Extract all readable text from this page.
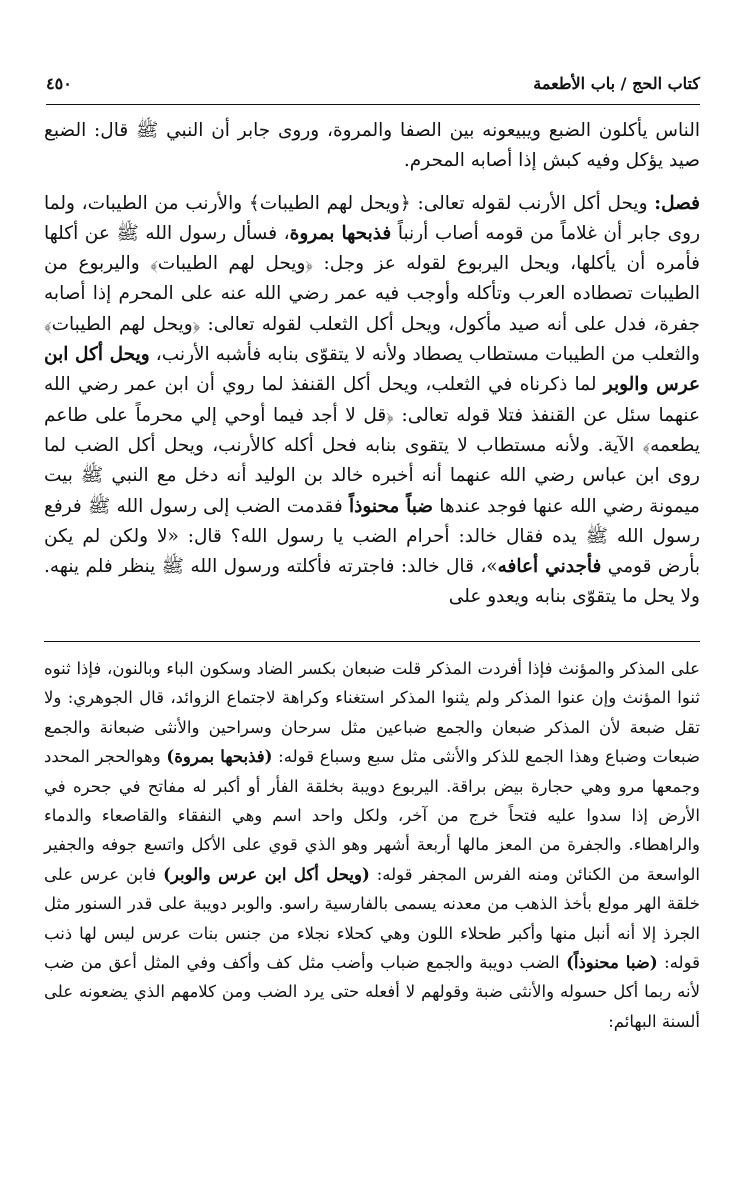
كتاب الحج / باب الأطعمة
٤٥٠

الناس يأكلون الضبع ويبيعونه بين الصفا والمروة، وروى جابر أن النبي ﷺ قال: الضبع صيد يؤكل وفيه كبش إذا أصابه المحرم.

فصل: ويحل أكل الأرنب لقوله تعالى: ﴿ويحل لهم الطيبات﴾ والأرنب من الطيبات، ولما روى جابر أن غلاماً من قومه أصاب أرنباً فذبحها بمروة، فسأل رسول الله ﷺ عن أكلها فأمره أن يأكلها، ويحل اليربوع لقوله عز وجل: ﴿ويحل لهم الطيبات﴾ واليربوع من الطيبات تصطاده العرب وتأكله وأوجب فيه عمر رضي الله عنه على المحرم إذا أصابه جفرة، فدل على أنه صيد مأكول، ويحل أكل الثعلب لقوله تعالى: ﴿ويحل لهم الطيبات﴾ والثعلب من الطيبات مستطاب يصطاد ولأنه لا يتقوّى بنابه فأشبه الأرنب، ويحل أكل ابن عرس والوبر لما ذكرناه في الثعلب، ويحل أكل القنفذ لما روي أن ابن عمر رضي الله عنهما سئل عن القنفذ فتلا قوله تعالى: ﴿قل لا أجد فيما أوحي إلي محرماً على طاعم يطعمه﴾ الآية. ولأنه مستطاب لا يتقوى بنابه فحل أكله كالأرنب، ويحل أكل الضب لما روى ابن عباس رضي الله عنهما أنه أخبره خالد بن الوليد أنه دخل مع النبي ﷺ بيت ميمونة رضي الله عنها فوجد عندها ضباً محنوذاً فقدمت الضب إلى رسول الله ﷺ فرفع رسول الله ﷺ يده فقال خالد: أحرام الضب يا رسول الله؟ قال: «لا ولكن لم يكن بأرض قومي فأجدني أعافه»، قال خالد: فاجترته فأكلته ورسول الله ﷺ ينظر فلم ينهه. ولا يحل ما يتقوّى بنابه ويعدو على

على المذكر والمؤنث فإذا أفردت المذكر قلت ضبعان بكسر الضاد وسكون الباء وبالنون، فإذا ثنوه ثنوا المؤنث وإن عنوا المذكر ولم يثنوا المذكر استغناء وكراهة لاجتماع الزوائد، قال الجوهري: ولا تقل ضبعة لأن المذكر ضبعان والجمع ضباعين مثل سرحان وسراحين والأنثى ضبعانة والجمع ضبعات وضباع وهذا الجمع للذكر والأنثى مثل سبع وسباع قوله: (فذبحها بمروة) وهوالحجر المحدد وجمعها مرو وهي حجارة بيض براقة. اليربوع دويبة بخلقة الفأر أو أكبر له مفاتح في جحره في الأرض إذا سدوا عليه فتحاً خرج من آخر، ولكل واحد اسم وهي النفقاء والقاصعاء والدماء والراهطاء. والجفرة من المعز مالها أربعة أشهر وهو الذي قوي على الأكل واتسع جوفه والجفير الواسعة من الكنائن ومنه الفرس المجفر قوله: (ويحل أكل ابن عرس والوبر) فابن عرس على خلقة الهر مولع بأخذ الذهب من معدنه يسمى بالفارسية راسو. والوبر دويبة على قدر السنور مثل الجرذ إلا أنه أنبل منها وأكبر طحلاء اللون وهي كحلاء نجلاء من جنس بنات عرس ليس لها ذنب قوله: (ضبا محنوذاً) الضب دويبة والجمع ضباب وأضب مثل كف وأكف وفي المثل أعق من ضب لأنه ربما أكل حسوله والأنثى ضبة وقولهم لا أفعله حتى يرد الضب ومن كلامهم الذي يضعونه على ألسنة البهائم:
